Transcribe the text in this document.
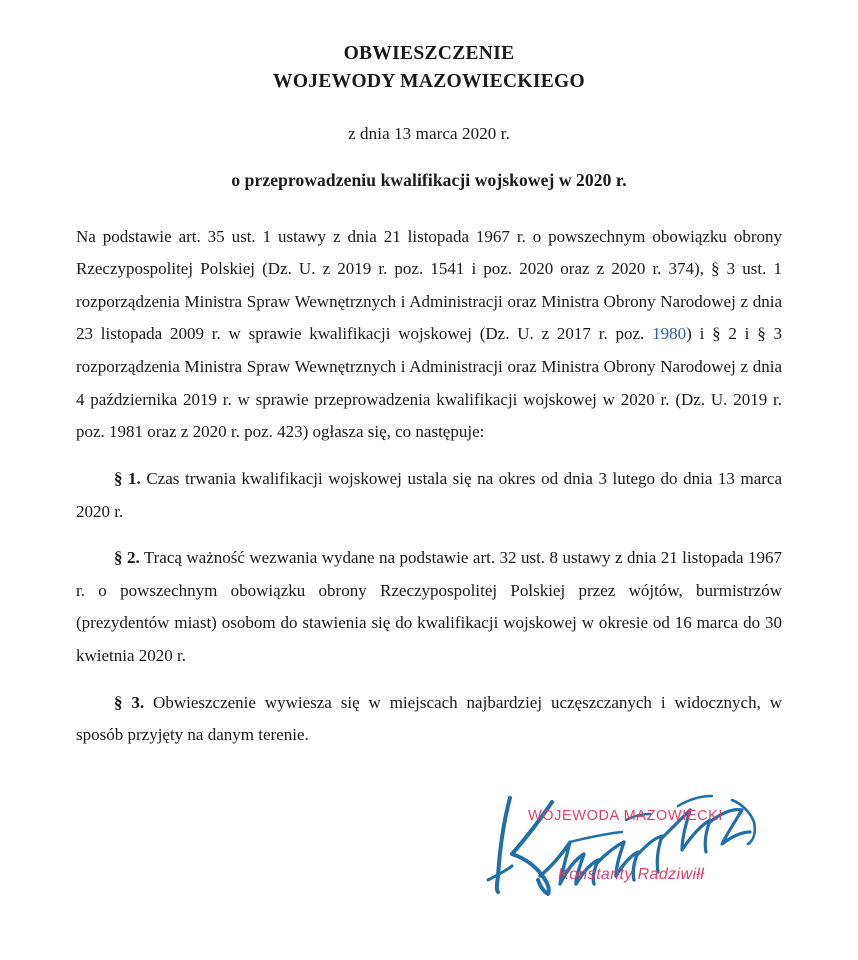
OBWIESZCZENIE
WOJEWODY MAZOWIECKIEGO
z dnia 13 marca 2020 r.
o przeprowadzeniu kwalifikacji wojskowej w 2020 r.

Na podstawie art. 35 ust. 1 ustawy z dnia 21 listopada 1967 r. o powszechnym obowiązku obrony Rzeczypospolitej Polskiej (Dz. U. z 2019 r. poz. 1541 i poz. 2020 oraz z 2020 r. 374), § 3 ust. 1 rozporządzenia Ministra Spraw Wewnętrznych i Administracji oraz Ministra Obrony Narodowej z dnia 23 listopada 2009 r. w sprawie kwalifikacji wojskowej (Dz. U. z 2017 r. poz. 1980) i § 2 i § 3 rozporządzenia Ministra Spraw Wewnętrznych i Administracji oraz Ministra Obrony Narodowej z dnia 4 października 2019 r. w sprawie przeprowadzenia kwalifikacji wojskowej w 2020 r. (Dz. U. 2019 r. poz. 1981 oraz z 2020 r. poz. 423) ogłasza się, co następuje:

§ 1. Czas trwania kwalifikacji wojskowej ustala się na okres od dnia 3 lutego do dnia 13 marca 2020 r.

§ 2. Tracą ważność wezwania wydane na podstawie art. 32 ust. 8 ustawy z dnia 21 listopada 1967 r. o powszechnym obowiązku obrony Rzeczypospolitej Polskiej przez wójtów, burmistrzów (prezydentów miast) osobom do stawienia się do kwalifikacji wojskowej w okresie od 16 marca do 30 kwietnia 2020 r.

§ 3. Obwieszczenie wywiesza się w miejscach najbardziej uczęszczanych i widocznych, w sposób przyjęty na danym terenie.

WOJEWODA MAZOWIECKI
Konstanty Radziwiłł
